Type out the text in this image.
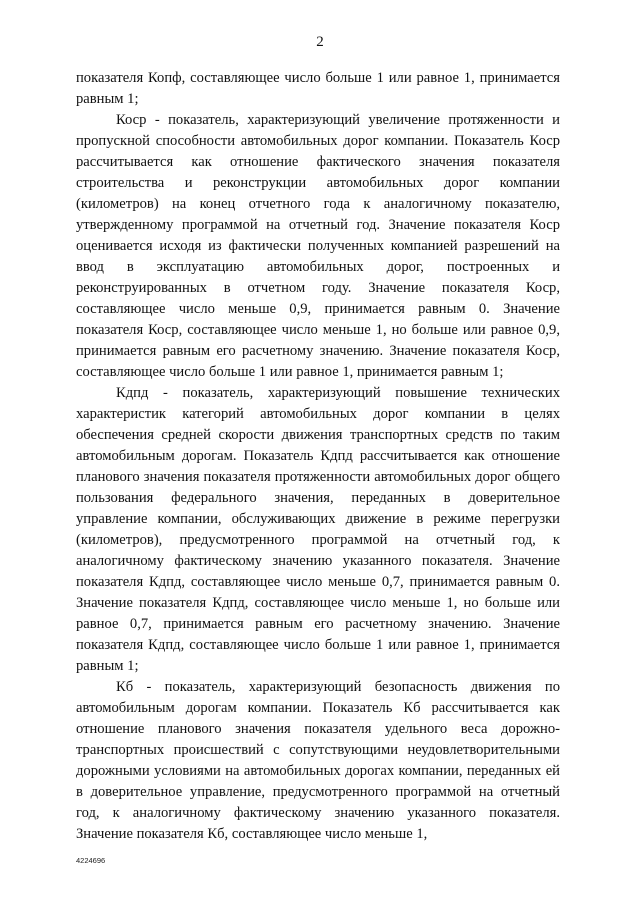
2

показателя Копф, составляющее число больше 1 или равное 1, принимается равным 1;

Коср - показатель, характеризующий увеличение протяженности и пропускной способности автомобильных дорог компании. Показатель Коср рассчитывается как отношение фактического значения показателя строительства и реконструкции автомобильных дорог компании (километров) на конец отчетного года к аналогичному показателю, утвержденному программой на отчетный год. Значение показателя Коср оценивается исходя из фактически полученных компанией разрешений на ввод в эксплуатацию автомобильных дорог, построенных и реконструированных в отчетном году. Значение показателя Коср, составляющее число меньше 0,9, принимается равным 0. Значение показателя Коср, составляющее число меньше 1, но больше или равное 0,9, принимается равным его расчетному значению. Значение показателя Коср, составляющее число больше 1 или равное 1, принимается равным 1;

Кдпд - показатель, характеризующий повышение технических характеристик категорий автомобильных дорог компании в целях обеспечения средней скорости движения транспортных средств по таким автомобильным дорогам. Показатель Кдпд рассчитывается как отношение планового значения показателя протяженности автомобильных дорог общего пользования федерального значения, переданных в доверительное управление компании, обслуживающих движение в режиме перегрузки (километров), предусмотренного программой на отчетный год, к аналогичному фактическому значению указанного показателя. Значение показателя Кдпд, составляющее число меньше 0,7, принимается равным 0. Значение показателя Кдпд, составляющее число меньше 1, но больше или равное 0,7, принимается равным его расчетному значению. Значение показателя Кдпд, составляющее число больше 1 или равное 1, принимается равным 1;

Кб - показатель, характеризующий безопасность движения по автомобильным дорогам компании. Показатель Кб рассчитывается как отношение планового значения показателя удельного веса дорожно-транспортных происшествий с сопутствующими неудовлетворительными дорожными условиями на автомобильных дорогах компании, переданных ей в доверительное управление, предусмотренного программой на отчетный год, к аналогичному фактическому значению указанного показателя. Значение показателя Кб, составляющее число меньше 1,

4224696
